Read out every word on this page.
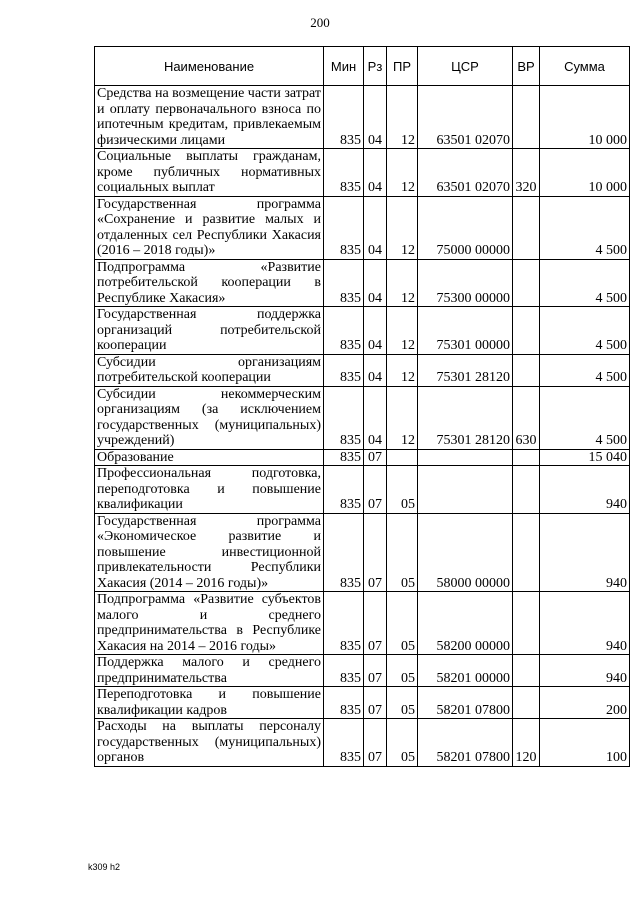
200
Наименование	Мин	Рз	ПР	ЦСР	ВР	Сумма
Средства на возмещение части затрат и оплату первоначального взноса по ипотечным кредитам, привлекаемым физическими лицами	835	04	12	63501 02070		10 000
Социальные выплаты гражданам, кроме публичных нормативных социальных выплат	835	04	12	63501 02070	320	10 000
Государственная программа «Сохранение и развитие малых и отдаленных сел Республики Хакасия (2016 – 2018 годы)»	835	04	12	75000 00000		4 500
Подпрограмма «Развитие потребительской кооперации в Республике Хакасия»	835	04	12	75300 00000		4 500
Государственная поддержка организаций потребительской кооперации	835	04	12	75301 00000		4 500
Субсидии организациям потребительской кооперации	835	04	12	75301 28120		4 500
Субсидии некоммерческим организациям (за исключением государственных (муниципальных) учреждений)	835	04	12	75301 28120	630	4 500
Образование	835	07				15 040
Профессиональная подготовка, переподготовка и повышение квалификации	835	07	05			940
Государственная программа «Экономическое развитие и повышение инвестиционной привлекательности Республики Хакасия (2014 – 2016 годы)»	835	07	05	58000 00000		940
Подпрограмма «Развитие субъектов малого и среднего предпринимательства в Республике Хакасия на 2014 – 2016 годы»	835	07	05	58200 00000		940
Поддержка малого и среднего предпринимательства	835	07	05	58201 00000		940
Переподготовка и повышение квалификации кадров	835	07	05	58201 07800		200
Расходы на выплаты персоналу государственных (муниципальных) органов	835	07	05	58201 07800	120	100
k309 h2
